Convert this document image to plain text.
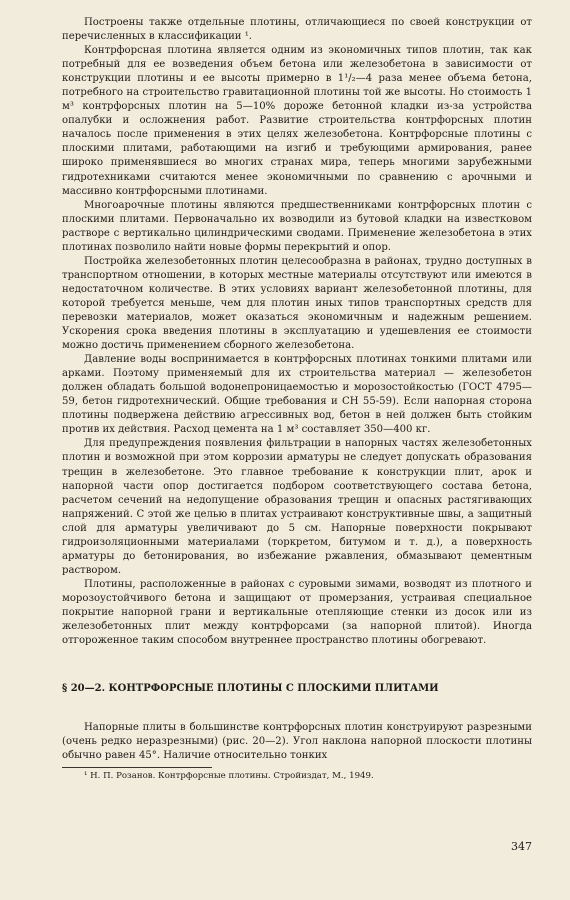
Построены также отдельные плотины, отличающиеся по своей конструкции от перечисленных в классификации ¹.

Контрфорсная плотина является одним из экономичных типов плотин, так как потребный для ее возведения объем бетона или железобетона в зависимости от конструкции плотины и ее высоты примерно в 1¹/₂—4 раза менее объема бетона, потребного на строительство гравитационной плотины той же высоты. Но стоимость 1 м³ контрфорсных плотин на 5—10% дороже бетонной кладки из-за устройства опалубки и осложнения работ. Развитие строительства контрфорсных плотин началось после применения в этих целях железобетона. Контрфорсные плотины с плоскими плитами, работающими на изгиб и требующими армирования, ранее широко применявшиеся во многих странах мира, теперь многими зарубежными гидротехниками считаются менее экономичными по сравнению с арочными и массивно контрфорсными плотинами.

Многоарочные плотины являются предшественниками контрфорсных плотин с плоскими плитами. Первоначально их возводили из бутовой кладки на известковом растворе с вертикально цилиндрическими сводами. Применение железобетона в этих плотинах позволило найти новые формы перекрытий и опор.

Постройка железобетонных плотин целесообразна в районах, трудно доступных в транспортном отношении, в которых местные материалы отсутствуют или имеются в недостаточном количестве. В этих условиях вариант железобетонной плотины, для которой требуется меньше, чем для плотин иных типов транспортных средств для перевозки материалов, может оказаться экономичным и надежным решением. Ускорения срока введения плотины в эксплуатацию и удешевления ее стоимости можно достичь применением сборного железобетона.

Давление воды воспринимается в контрфорсных плотинах тонкими плитами или арками. Поэтому применяемый для их строительства материал — железобетон должен обладать большой водонепроницаемостью и морозостойкостью (ГОСТ 4795—59, бетон гидротехнический. Общие требования и СН 55-59). Если напорная сторона плотины подвержена действию агрессивных вод, бетон в ней должен быть стойким против их действия. Расход цемента на 1 м³ составляет 350—400 кг.

Для предупреждения появления фильтрации в напорных частях железобетонных плотин и возможной при этом коррозии арматуры не следует допускать образования трещин в железобетоне. Это главное требование к конструкции плит, арок и напорной части опор достигается подбором соответствующего состава бетона, расчетом сечений на недопущение образования трещин и опасных растягивающих напряжений. С этой же целью в плитах устраивают конструктивные швы, а защитный слой для арматуры увеличивают до 5 см. Напорные поверхности покрывают гидроизоляционными материалами (торкретом, битумом и т. д.), а поверхность арматуры до бетонирования, во избежание ржавления, обмазывают цементным раствором.

Плотины, расположенные в районах с суровыми зимами, возводят из плотного и морозоустойчивого бетона и защищают от промерзания, устраивая специальное покрытие напорной грани и вертикальные отепляющие стенки из досок или из железобетонных плит между контрфорсами (за напорной плитой). Иногда отгороженное таким способом внутреннее пространство плотины обогревают.

§ 20—2. КОНТРФОРСНЫЕ ПЛОТИНЫ С ПЛОСКИМИ ПЛИТАМИ

Напорные плиты в большинстве контрфорсных плотин конструируют разрезными (очень редко неразрезными) (рис. 20—2). Угол наклона напорной плоскости плотины обычно равен 45°. Наличие относительно тонких

¹ Н. П. Розанов. Контрфорсные плотины. Стройиздат, М., 1949.

347
